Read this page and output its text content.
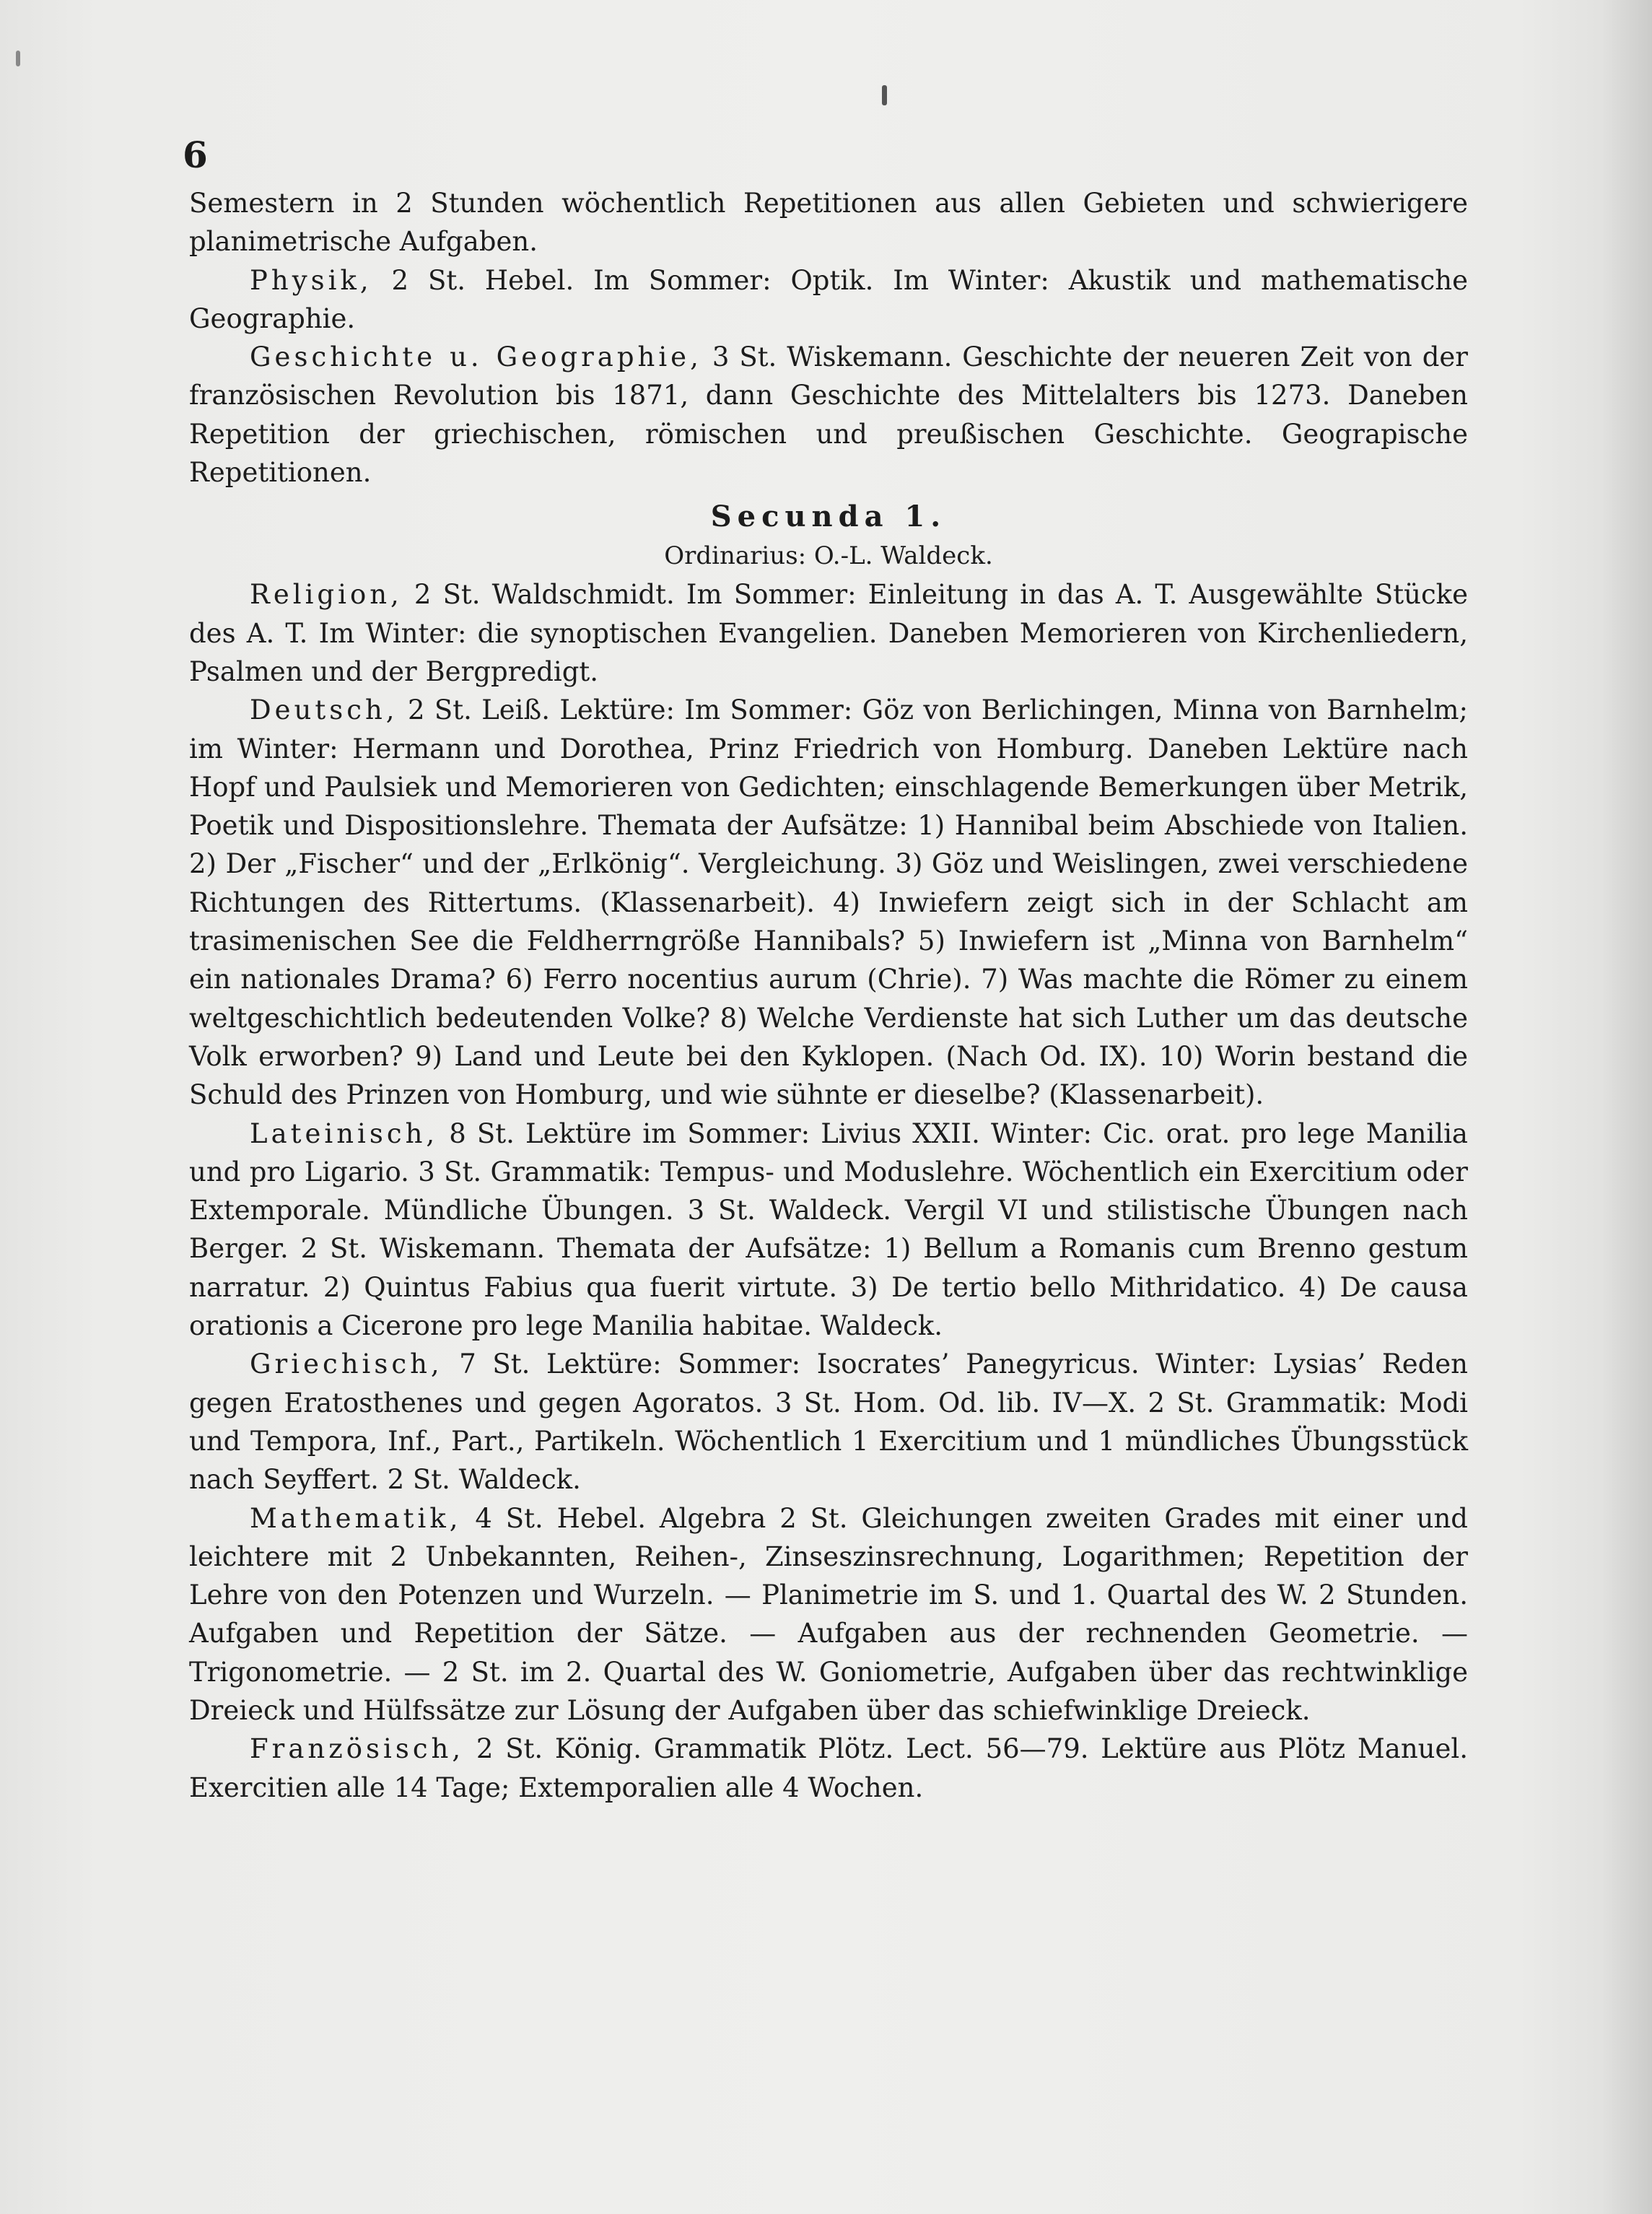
6

Semestern in 2 Stunden wöchentlich Repetitionen aus allen Gebieten und schwierigere planimetrische Aufgaben.

Physik, 2 St. Hebel. Im Sommer: Optik. Im Winter: Akustik und mathematische Geographie.

Geschichte u. Geographie, 3 St. Wiskemann. Geschichte der neueren Zeit von der französischen Revolution bis 1871, dann Geschichte des Mittelalters bis 1273. Daneben Repetition der griechischen, römischen und preußischen Geschichte. Geograpische Repetitionen.

Secunda 1.
Ordinarius: O.-L. Waldeck.

Religion, 2 St. Waldschmidt. Im Sommer: Einleitung in das A. T. Ausgewählte Stücke des A. T. Im Winter: die synoptischen Evangelien. Daneben Memorieren von Kirchenliedern, Psalmen und der Bergpredigt.

Deutsch, 2 St. Leiß. Lektüre: Im Sommer: Göz von Berlichingen, Minna von Barnhelm; im Winter: Hermann und Dorothea, Prinz Friedrich von Homburg. Daneben Lektüre nach Hopf und Paulsiek und Memorieren von Gedichten; einschlagende Bemerkungen über Metrik, Poetik und Dispositionslehre. Themata der Aufsätze: 1) Hannibal beim Abschiede von Italien. 2) Der „Fischer“ und der „Erlkönig“. Vergleichung. 3) Göz und Weislingen, zwei verschiedene Richtungen des Rittertums. (Klassenarbeit). 4) Inwiefern zeigt sich in der Schlacht am trasimenischen See die Feldherrngröße Hannibals? 5) Inwiefern ist „Minna von Barnhelm“ ein nationales Drama? 6) Ferro nocentius aurum (Chrie). 7) Was machte die Römer zu einem weltgeschichtlich bedeutenden Volke? 8) Welche Verdienste hat sich Luther um das deutsche Volk erworben? 9) Land und Leute bei den Kyklopen. (Nach Od. IX). 10) Worin bestand die Schuld des Prinzen von Homburg, und wie sühnte er dieselbe? (Klassenarbeit).

Lateinisch, 8 St. Lektüre im Sommer: Livius XXII. Winter: Cic. orat. pro lege Manilia und pro Ligario. 3 St. Grammatik: Tempus- und Moduslehre. Wöchentlich ein Exercitium oder Extemporale. Mündliche Übungen. 3 St. Waldeck. Vergil VI und stilistische Übungen nach Berger. 2 St. Wiskemann. Themata der Aufsätze: 1) Bellum a Romanis cum Brenno gestum narratur. 2) Quintus Fabius qua fuerit virtute. 3) De tertio bello Mithridatico. 4) De causa orationis a Cicerone pro lege Manilia habitae. Waldeck.

Griechisch, 7 St. Lektüre: Sommer: Isocrates’ Panegyricus. Winter: Lysias’ Reden gegen Eratosthenes und gegen Agoratos. 3 St. Hom. Od. lib. IV—X. 2 St. Grammatik: Modi und Tempora, Inf., Part., Partikeln. Wöchentlich 1 Exercitium und 1 mündliches Übungsstück nach Seyffert. 2 St. Waldeck.

Mathematik, 4 St. Hebel. Algebra 2 St. Gleichungen zweiten Grades mit einer und leichtere mit 2 Unbekannten, Reihen-, Zinseszinsrechnung, Logarithmen; Repetition der Lehre von den Potenzen und Wurzeln. — Planimetrie im S. und 1. Quartal des W. 2 Stunden. Aufgaben und Repetition der Sätze. — Aufgaben aus der rechnenden Geometrie. — Trigonometrie. — 2 St. im 2. Quartal des W. Goniometrie, Aufgaben über das rechtwinklige Dreieck und Hülfssätze zur Lösung der Aufgaben über das schiefwinklige Dreieck.

Französisch, 2 St. König. Grammatik Plötz. Lect. 56—79. Lektüre aus Plötz Manuel. Exercitien alle 14 Tage; Extemporalien alle 4 Wochen.
